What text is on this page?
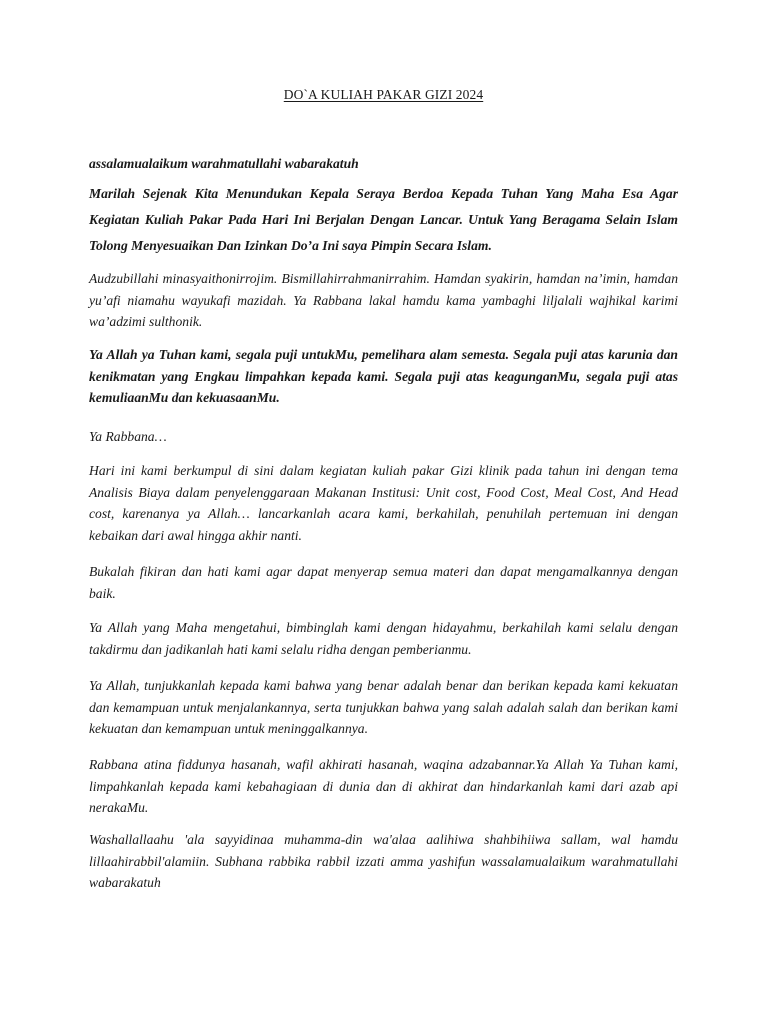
DO`A KULIAH PAKAR GIZI 2024

assalamualaikum warahmatullahi wabarakatuh

Marilah Sejenak Kita Menundukan Kepala Seraya Berdoa Kepada Tuhan Yang Maha Esa Agar Kegiatan Kuliah Pakar Pada Hari Ini Berjalan Dengan Lancar. Untuk Yang Beragama Selain Islam Tolong Menyesuaikan Dan Izinkan Do’a Ini saya Pimpin Secara Islam.

Audzubillahi minasyaithonirrojim. Bismillahirrahmanirrahim. Hamdan syakirin, hamdan na’imin, hamdan yu’afi niamahu wayukafi mazidah. Ya Rabbana lakal hamdu kama yambaghi liljalali wajhikal karimi wa’adzimi sulthonik.

Ya Allah ya Tuhan kami, segala puji untukMu, pemelihara alam semesta. Segala puji atas karunia dan kenikmatan yang Engkau limpahkan kepada kami. Segala puji atas keagunganMu, segala puji atas kemuliaanMu dan kekuasaanMu.

Ya Rabbana…

Hari ini kami berkumpul di sini dalam kegiatan kuliah pakar Gizi klinik pada tahun ini dengan tema Analisis Biaya dalam penyelenggaraan Makanan Institusi: Unit cost, Food Cost, Meal Cost, And Head cost, karenanya ya Allah… lancarkanlah acara kami, berkahilah, penuhilah pertemuan ini dengan kebaikan dari awal hingga akhir nanti.

Bukalah fikiran dan hati kami agar dapat menyerap semua materi dan dapat mengamalkannya dengan baik.

Ya Allah yang Maha mengetahui, bimbinglah kami dengan hidayahmu, berkahilah kami selalu dengan takdirmu dan jadikanlah hati kami selalu ridha dengan pemberianmu.

Ya Allah, tunjukkanlah kepada kami bahwa yang benar adalah benar dan berikan kepada kami kekuatan dan kemampuan untuk menjalankannya, serta tunjukkan bahwa yang salah adalah salah dan berikan kami kekuatan dan kemampuan untuk meninggalkannya.

Rabbana atina fiddunya hasanah, wafil akhirati hasanah, waqina adzabannar.Ya Allah Ya Tuhan kami, limpahkanlah kepada kami kebahagiaan di dunia dan di akhirat dan hindarkanlah kami dari azab api nerakaMu.

Washallallaahu 'ala sayyidinaa muhamma-din wa'alaa aalihiwa shahbihiiwa sallam, wal hamdu lillaahirabbil'alamiin. Subhana rabbika rabbil izzati amma yashifun wassalamualaikum warahmatullahi wabarakatuh
